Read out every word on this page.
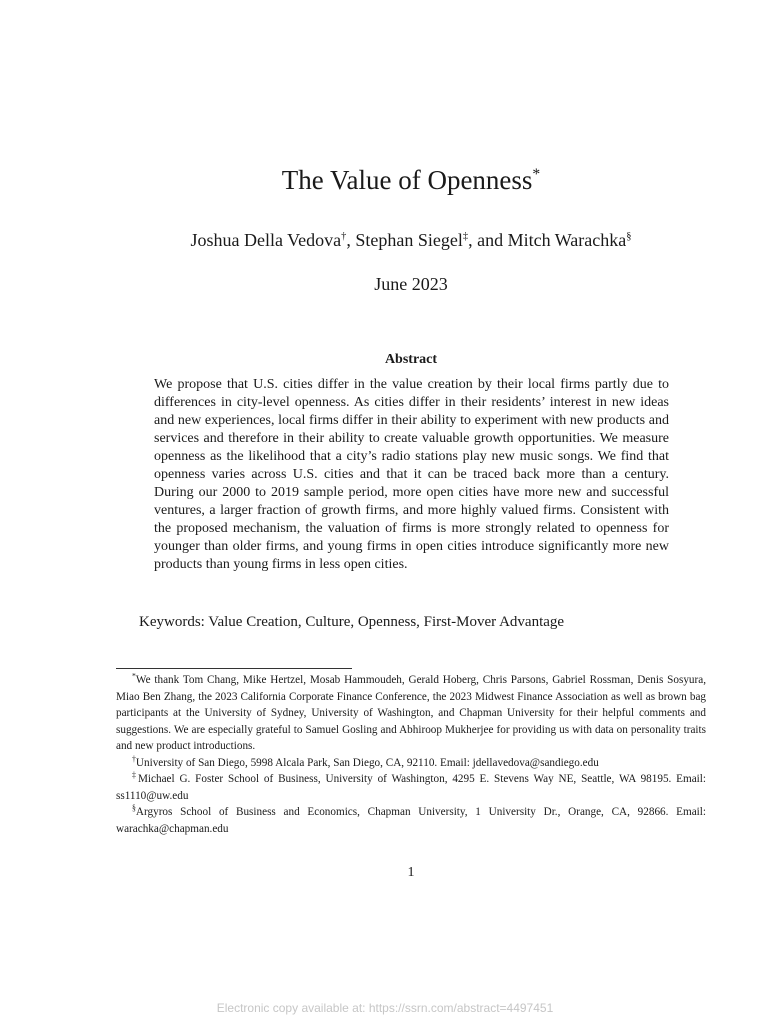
The Value of Openness*
Joshua Della Vedova†, Stephan Siegel‡, and Mitch Warachka§
June 2023
Abstract
We propose that U.S. cities differ in the value creation by their local firms partly due to differences in city-level openness. As cities differ in their residents’ interest in new ideas and new experiences, local firms differ in their ability to experiment with new products and services and therefore in their ability to create valuable growth opportunities. We measure openness as the likelihood that a city’s radio stations play new music songs. We find that openness varies across U.S. cities and that it can be traced back more than a century. During our 2000 to 2019 sample period, more open cities have more new and successful ventures, a larger fraction of growth firms, and more highly valued firms. Consistent with the proposed mechanism, the valuation of firms is more strongly related to openness for younger than older firms, and young firms in open cities introduce significantly more new products than young firms in less open cities.
Keywords: Value Creation, Culture, Openness, First-Mover Advantage

*We thank Tom Chang, Mike Hertzel, Mosab Hammoudeh, Gerald Hoberg, Chris Parsons, Gabriel Rossman, Denis Sosyura, Miao Ben Zhang, the 2023 California Corporate Finance Conference, the 2023 Midwest Finance Association as well as brown bag participants at the University of Sydney, University of Washington, and Chapman University for their helpful comments and suggestions. We are especially grateful to Samuel Gosling and Abhiroop Mukherjee for providing us with data on personality traits and new product introductions.

†University of San Diego, 5998 Alcala Park, San Diego, CA, 92110. Email: jdellavedova@sandiego.edu

‡Michael G. Foster School of Business, University of Washington, 4295 E. Stevens Way NE, Seattle, WA 98195. Email: ss1110@uw.edu

§Argyros School of Business and Economics, Chapman University, 1 University Dr., Orange, CA, 92866. Email: warachka@chapman.edu

1
Electronic copy available at: https://ssrn.com/abstract=4497451
